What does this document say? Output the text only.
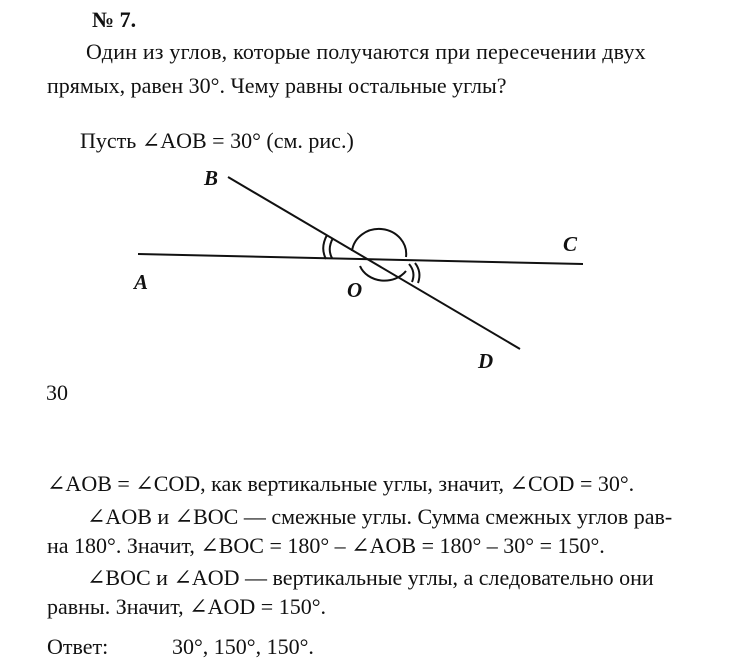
№ 7.
Один из углов, которые получаются при пересечении двух
прямых, равен 30°. Чему равны остальные углы?
Пусть ∠AOB = 30° (см. рис.)
B
C
A	O
D
30
∠AOB = ∠COD, как вертикальные углы, значит, ∠COD = 30°.
∠AOB и ∠BOC — смежные углы. Сумма смежных углов рав-
на 180°. Значит, ∠BOC = 180° – ∠AOB = 180° – 30° = 150°.
∠BOC и ∠AOD — вертикальные углы, а следовательно они
равны. Значит, ∠AOD = 150°.
Ответ:	30°, 150°, 150°.
